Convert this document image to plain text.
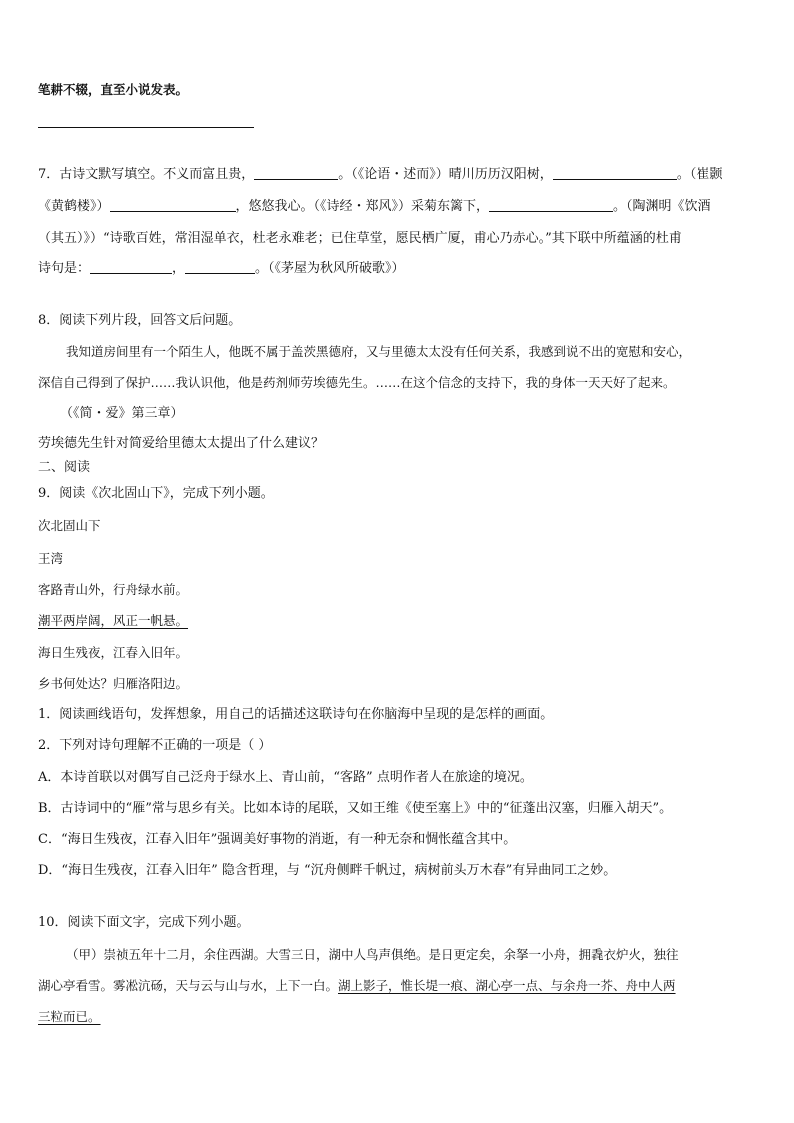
笔耕不辍，直至小说发表。
7．古诗文默写填空。不义而富且贵，	。（《论语・述而》）晴川历历汉阳树，	。（崔颢
《黄鹤楼》）	，悠悠我心。（《诗经・郑风》）采菊东篱下，	。（陶渊明《饮酒
（其五）》）“诗歌百姓，常泪湿单衣，杜老永难老；已住草堂，愿民栖广厦，甫心乃赤心。”其下联中所蕴涵的杜甫
诗句是：	，	。（《茅屋为秋风所破歌》）
8．阅读下列片段，回答文后问题。
我知道房间里有一个陌生人，他既不属于盖茨黑德府，又与里德太太没有任何关系，我感到说不出的宽慰和安心，
深信自己得到了保护……我认识他，他是药剂师劳埃德先生。……在这个信念的支持下，我的身体一天天好了起来。
（《简・爱》第三章）
劳埃德先生针对简爱给里德太太提出了什么建议？
二、阅读
9．阅读《次北固山下》，完成下列小题。
次北固山下
王湾
客路青山外，行舟绿水前。
潮平两岸阔，风正一帆悬。
海日生残夜，江春入旧年。
乡书何处达？归雁洛阳边。
1．阅读画线语句，发挥想象，用自己的话描述这联诗句在你脑海中呈现的是怎样的画面。
2．下列对诗句理解不正确的一项是（ ）
A．本诗首联以对偶写自己泛舟于绿水上、青山前，“客路” 点明作者人在旅途的境况。
B．古诗词中的“雁”常与思乡有关。比如本诗的尾联，又如王维《使至塞上》中的“征蓬出汉塞，归雁入胡天”。
C．“海日生残夜，江春入旧年”强调美好事物的消逝，有一种无奈和惆怅蕴含其中。
D．“海日生残夜，江春入旧年” 隐含哲理，与 “沉舟侧畔千帆过，病树前头万木春”有异曲同工之妙。
10．阅读下面文字，完成下列小题。
（甲）崇祯五年十二月，余住西湖。大雪三日，湖中人鸟声俱绝。是日更定矣，余拏一小舟，拥毳衣炉火，独往
湖心亭看雪。雾凇沆砀，天与云与山与水，上下一白。湖上影子，惟长堤一痕、湖心亭一点、与余舟一芥、舟中人两
三粒而已。
